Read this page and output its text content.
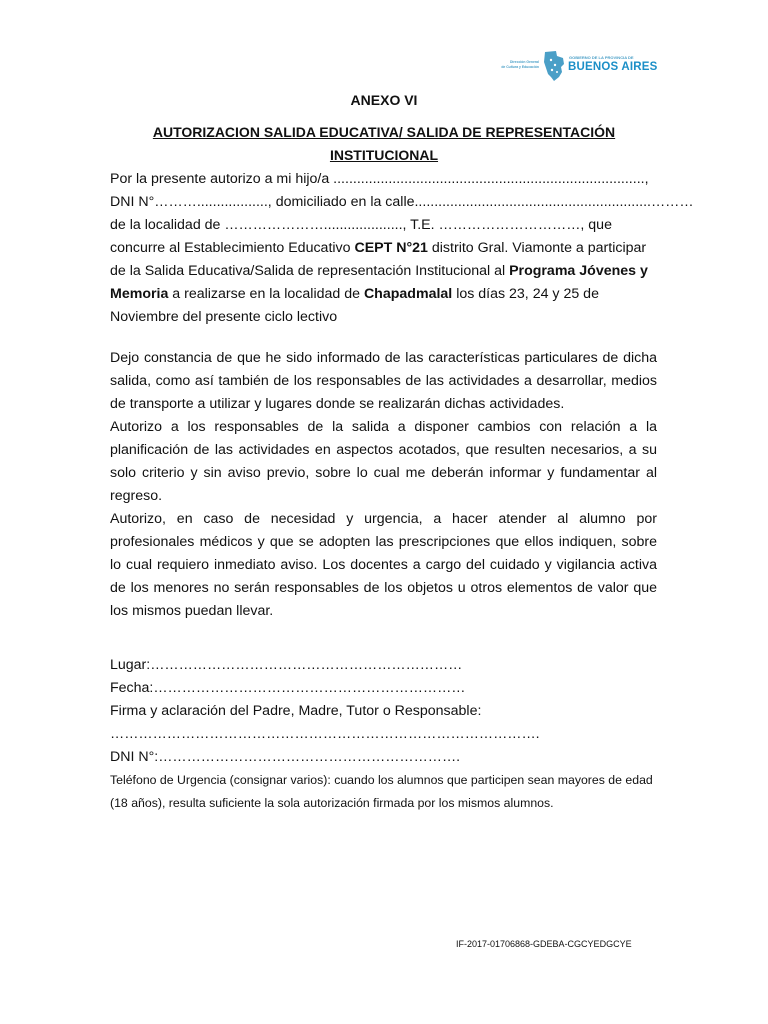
Dirección General
de Cultura y Educación
GOBIERNO DE LA PROVINCIA DE
BUENOS AIRES
ANEXO VI
AUTORIZACION SALIDA EDUCATIVA/ SALIDA DE REPRESENTACIÓN
INSTITUCIONAL
Por la presente autorizo a mi hijo/a ...............................................................................,
DNI N°……….................., domiciliado en la calle............................................................………
de la localidad de …………………...................., T.E. …………………………, que
concurre al Establecimiento Educativo CEPT N°21 distrito Gral. Viamonte a participar
de la Salida Educativa/Salida de representación Institucional al Programa Jóvenes y
Memoria a realizarse en la localidad de Chapadmalal los días 23, 24 y 25 de
Noviembre del presente ciclo lectivo
Dejo constancia de que he sido informado de las características particulares de dicha salida, como así también de los responsables de las actividades a desarrollar, medios de transporte a utilizar y lugares donde se realizarán dichas actividades.
Autorizo a los responsables de la salida a disponer cambios con relación a la planificación de las actividades en aspectos acotados, que resulten necesarios, a su solo criterio y sin aviso previo, sobre lo cual me deberán informar y fundamentar al regreso.
Autorizo, en caso de necesidad y urgencia, a hacer atender al alumno por profesionales médicos y que se adopten las prescripciones que ellos indiquen, sobre lo cual requiero inmediato aviso. Los docentes a cargo del cuidado y vigilancia activa de los menores no serán responsables de los objetos u otros elementos de valor que los mismos puedan llevar.
Lugar:…………………………………………………………
Fecha:…………………………………………………………
Firma y aclaración del Padre, Madre, Tutor o Responsable:
……………………………………………………………………………….
DNI N°:……………………………………………………….
Teléfono de Urgencia (consignar varios): cuando los alumnos que participen sean mayores de edad (18 años), resulta suficiente la sola autorización firmada por los mismos alumnos.
IF-2017-01706868-GDEBA-CGCYEDGCYE
